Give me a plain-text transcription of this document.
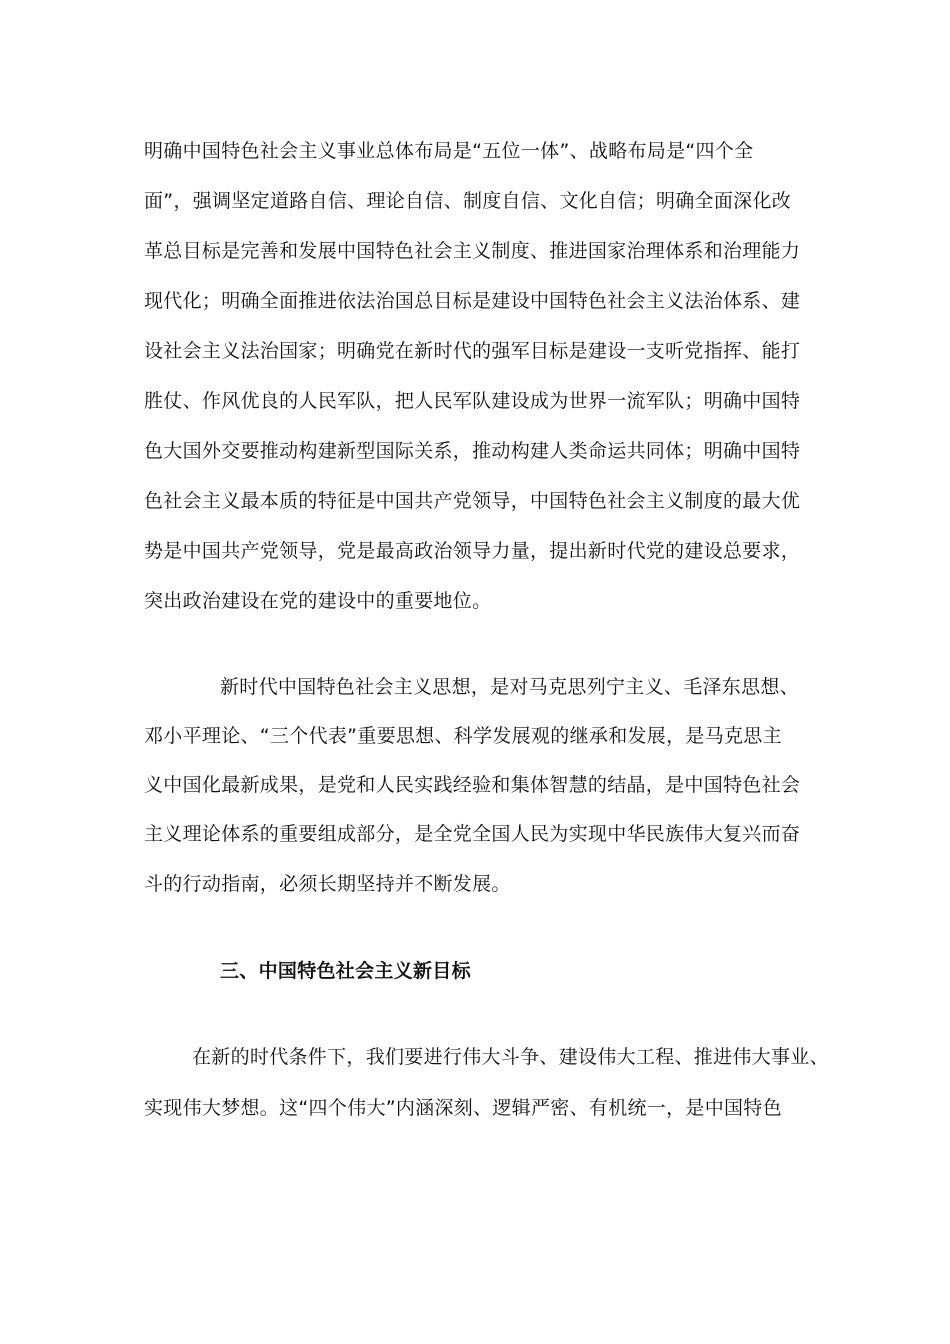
明确中国特色社会主义事业总体布局是“五位一体”、战略布局是“四个全
面”，强调坚定道路自信、理论自信、制度自信、文化自信；明确全面深化改
革总目标是完善和发展中国特色社会主义制度、推进国家治理体系和治理能力
现代化；明确全面推进依法治国总目标是建设中国特色社会主义法治体系、建
设社会主义法治国家；明确党在新时代的强军目标是建设一支听党指挥、能打
胜仗、作风优良的人民军队，把人民军队建设成为世界一流军队；明确中国特
色大国外交要推动构建新型国际关系，推动构建人类命运共同体；明确中国特
色社会主义最本质的特征是中国共产党领导，中国特色社会主义制度的最大优
势是中国共产党领导，党是最高政治领导力量，提出新时代党的建设总要求，
突出政治建设在党的建设中的重要地位。
新时代中国特色社会主义思想，是对马克思列宁主义、毛泽东思想、
邓小平理论、“三个代表”重要思想、科学发展观的继承和发展，是马克思主
义中国化最新成果，是党和人民实践经验和集体智慧的结晶，是中国特色社会
主义理论体系的重要组成部分，是全党全国人民为实现中华民族伟大复兴而奋
斗的行动指南，必须长期坚持并不断发展。
三、中国特色社会主义新目标
在新的时代条件下，我们要进行伟大斗争、建设伟大工程、推进伟大事业、
实现伟大梦想。这“四个伟大”内涵深刻、逻辑严密、有机统一，是中国特色
